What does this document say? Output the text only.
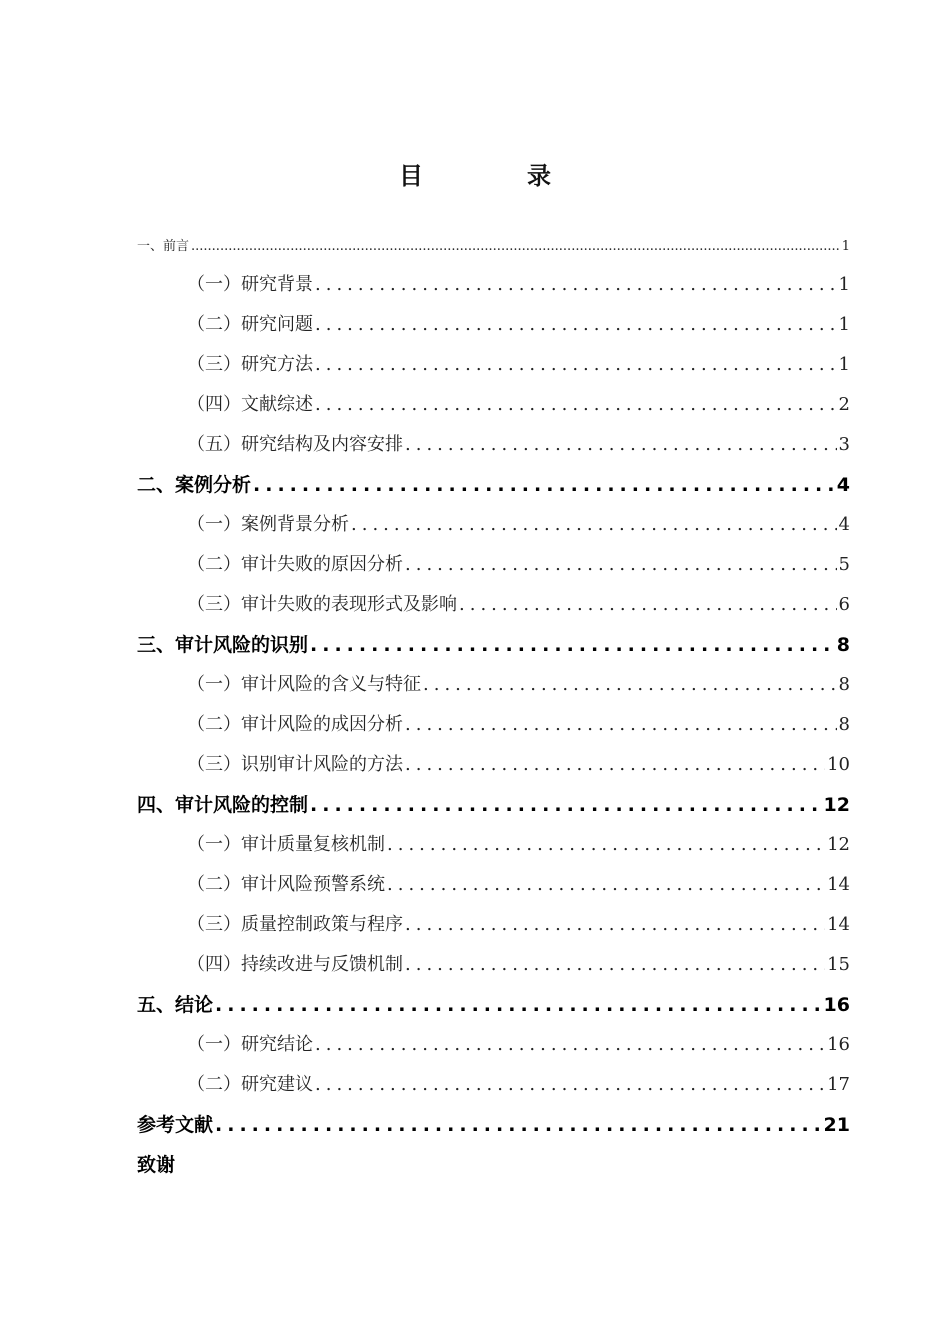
目	录
一、前言 .....	1
（一）研究背景 .....	1
（二）研究问题 .....	1
（三）研究方法 .....	1
（四）文献综述 .....	2
（五）研究结构及内容安排 .....	3
二、案例分析 .....	4
（一）案例背景分析 .....	4
（二）审计失败的原因分析 .....	5
（三）审计失败的表现形式及影响 .....	6
三、审计风险的识别 .....	8
（一）审计风险的含义与特征 .....	8
（二）审计风险的成因分析 .....	8
（三）识别审计风险的方法 .....	10
四、审计风险的控制 .....	12
（一）审计质量复核机制 .....	12
（二）审计风险预警系统 .....	14
（三）质量控制政策与程序 .....	14
（四）持续改进与反馈机制 .....	15
五、结论 .....	16
（一）研究结论 .....	16
（二）研究建议 .....	17
参考文献 .....	21
致谢
